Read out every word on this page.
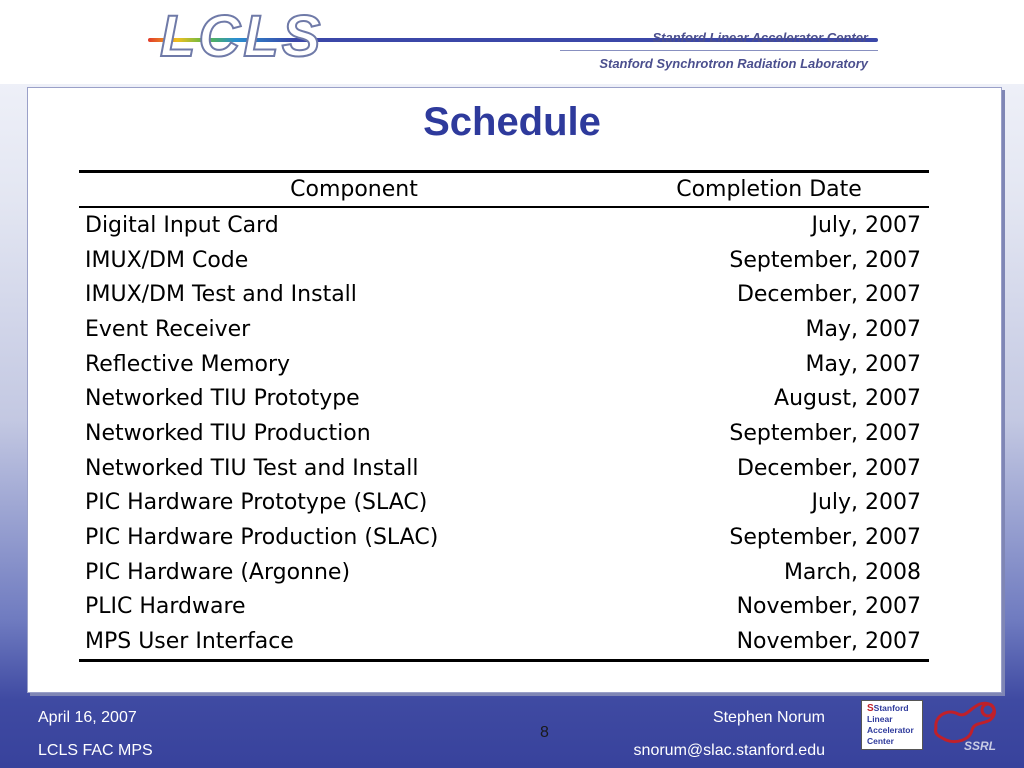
LCLS	Stanford Linear Accelerator Center
Stanford Synchrotron Radiation Laboratory
Schedule
Component	Completion Date
Digital Input Card	July, 2007
IMUX/DM Code	September, 2007
IMUX/DM Test and Install	December, 2007
Event Receiver	May, 2007
Reflective Memory	May, 2007
Networked TIU Prototype	August, 2007
Networked TIU Production	September, 2007
Networked TIU Test and Install	December, 2007
PIC Hardware Prototype (SLAC)	July, 2007
PIC Hardware Production (SLAC)	September, 2007
PIC Hardware (Argonne)	March, 2008
PLIC Hardware	November, 2007
MPS User Interface	November, 2007
April 16, 2007
LCLS FAC MPS
8
Stephen Norum
snorum@slac.stanford.edu
SStanford
Linear
Accelerator
Center	SSRL
